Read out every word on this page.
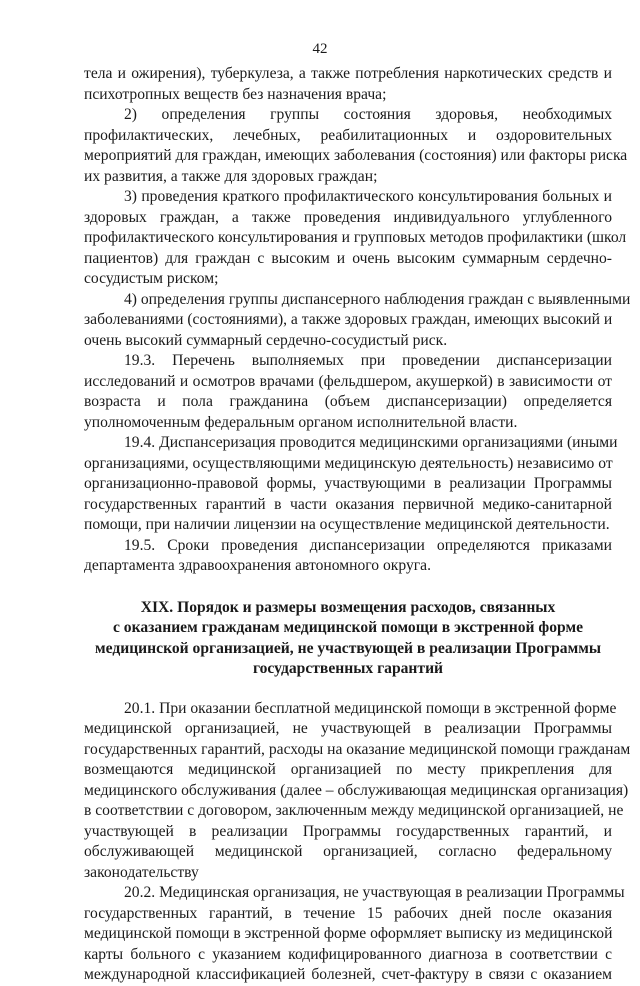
42
тела и ожирения), туберкулеза, а также потребления наркотических средств и
психотропных веществ без назначения врача;
2) определения группы состояния здоровья, необходимых
профилактических, лечебных, реабилитационных и оздоровительных
мероприятий для граждан, имеющих заболевания (состояния) или факторы риска
их развития, а также для здоровых граждан;
3) проведения краткого профилактического консультирования больных и
здоровых граждан, а также проведения индивидуального углубленного
профилактического консультирования и групповых методов профилактики (школ
пациентов) для граждан с высоким и очень высоким суммарным сердечно-
сосудистым риском;
4) определения группы диспансерного наблюдения граждан с выявленными
заболеваниями (состояниями), а также здоровых граждан, имеющих высокий и
очень высокий суммарный сердечно-сосудистый риск.
19.3. Перечень выполняемых при проведении диспансеризации
исследований и осмотров врачами (фельдшером, акушеркой) в зависимости от
возраста и пола гражданина (объем диспансеризации) определяется
уполномоченным федеральным органом исполнительной власти.
19.4. Диспансеризация проводится медицинскими организациями (иными
организациями, осуществляющими медицинскую деятельность) независимо от
организационно-правовой формы, участвующими в реализации Программы
государственных гарантий в части оказания первичной медико-санитарной
помощи, при наличии лицензии на осуществление медицинской деятельности.
19.5. Сроки проведения диспансеризации определяются приказами
департамента здравоохранения автономного округа.
XIX. Порядок и размеры возмещения расходов, связанных
с оказанием гражданам медицинской помощи в экстренной форме
медицинской организацией, не участвующей в реализации Программы
государственных гарантий
20.1. При оказании бесплатной медицинской помощи в экстренной форме
медицинской организацией, не участвующей в реализации Программы
государственных гарантий, расходы на оказание медицинской помощи гражданам
возмещаются медицинской организацией по месту прикрепления для
медицинского обслуживания (далее – обслуживающая медицинская организация)
в соответствии с договором, заключенным между медицинской организацией, не
участвующей в реализации Программы государственных гарантий, и
обслуживающей медицинской организацией, согласно федеральному
законодательству
20.2. Медицинская организация, не участвующая в реализации Программы
государственных гарантий, в течение 15 рабочих дней после оказания
медицинской помощи в экстренной форме оформляет выписку из медицинской
карты больного с указанием кодифицированного диагноза в соответствии с
международной классификацией болезней, счет-фактуру в связи с оказанием
